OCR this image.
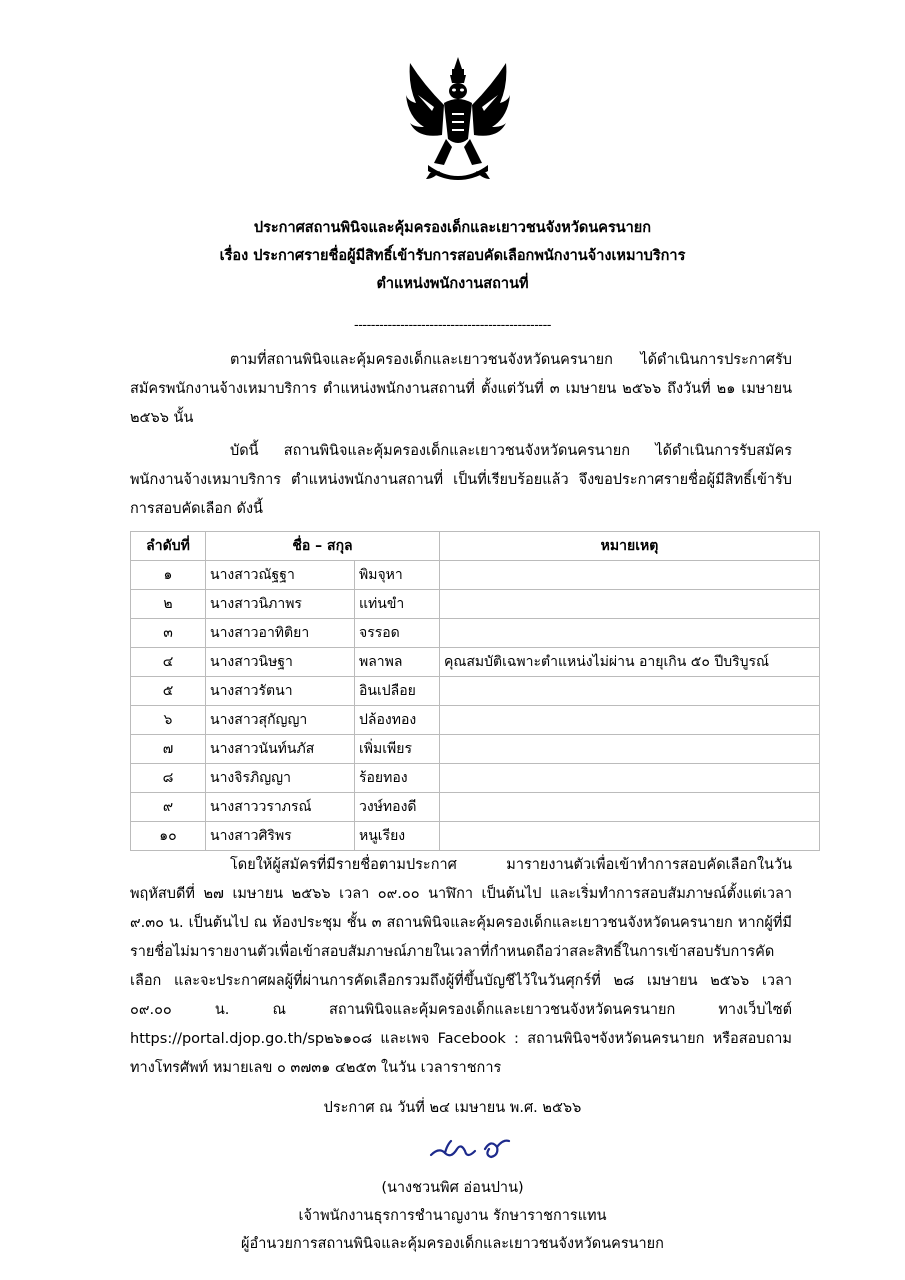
ประกาศสถานพินิจและคุ้มครองเด็กและเยาวชนจังหวัดนครนายก
เรื่อง ประกาศรายชื่อผู้มีสิทธิ์เข้ารับการสอบคัดเลือกพนักงานจ้างเหมาบริการ
ตำแหน่งพนักงานสถานที่
-----------------------------------------------
ตามที่สถานพินิจและคุ้มครองเด็กและเยาวชนจังหวัดนครนายก ได้ดำเนินการประกาศรับสมัครพนักงานจ้างเหมาบริการ ตำแหน่งพนักงานสถานที่ ตั้งแต่วันที่ ๓ เมษายน ๒๕๖๖ ถึงวันที่ ๒๑ เมษายน ๒๕๖๖ นั้น
บัดนี้ สถานพินิจและคุ้มครองเด็กและเยาวชนจังหวัดนครนายก ได้ดำเนินการรับสมัครพนักงานจ้างเหมาบริการ ตำแหน่งพนักงานสถานที่ เป็นที่เรียบร้อยแล้ว จึงขอประกาศรายชื่อผู้มีสิทธิ์เข้ารับการสอบคัดเลือก ดังนี้
ลำดับที่	ชื่อ – สกุล		หมายเหตุ
๑	นางสาวณัฐฐา	พิมจุหา	
๒	นางสาวนิภาพร	แท่นขำ	
๓	นางสาวอาทิติยา	จรรอด	
๔	นางสาวนิษฐา	พลาพล	คุณสมบัติเฉพาะตำแหน่งไม่ผ่าน อายุเกิน ๕๐ ปีบริบูรณ์
๕	นางสาวรัตนา	อินเปลือย	
๖	นางสาวสุกัญญา	ปล้องทอง	
๗	นางสาวนันท์นภัส	เพิ่มเพียร	
๘	นางจิรภิญญา	ร้อยทอง	
๙	นางสาววราภรณ์	วงษ์ทองดี	
๑๐	นางสาวศิริพร	หนูเรียง	
โดยให้ผู้สมัครที่มีรายชื่อตามประกาศ มารายงานตัวเพื่อเข้าทำการสอบคัดเลือกในวันพฤหัสบดีที่ ๒๗ เมษายน ๒๕๖๖ เวลา ๐๙.๐๐ นาฬิกา เป็นต้นไป และเริ่มทำการสอบสัมภาษณ์ตั้งแต่เวลา ๙.๓๐ น. เป็นต้นไป ณ ห้องประชุม ชั้น ๓ สถานพินิจและคุ้มครองเด็กและเยาวชนจังหวัดนครนายก หากผู้ที่มีรายชื่อไม่มารายงานตัวเพื่อเข้าสอบสัมภาษณ์ภายในเวลาที่กำหนดถือว่าสละสิทธิ์ในการเข้าสอบรับการคัดเลือก และจะประกาศผลผู้ที่ผ่านการคัดเลือกรวมถึงผู้ที่ขึ้นบัญชีไว้ในวันศุกร์ที่ ๒๘ เมษายน ๒๕๖๖ เวลา ๐๙.๐๐ น. ณ สถานพินิจและคุ้มครองเด็กและเยาวชนจังหวัดนครนายก ทางเว็บไซต์ https://portal.djop.go.th/sp๒๖๑๐๘ และเพจ Facebook : สถานพินิจฯจังหวัดนครนายก หรือสอบถามทางโทรศัพท์ หมายเลข ๐ ๓๗๓๑ ๔๒๕๓ ในวัน เวลาราชการ
ประกาศ ณ วันที่ ๒๔ เมษายน พ.ศ. ๒๕๖๖
(นางชวนพิศ อ่อนปาน)
เจ้าพนักงานธุรการชำนาญงาน รักษาราชการแทน
ผู้อำนวยการสถานพินิจและคุ้มครองเด็กและเยาวชนจังหวัดนครนายก
